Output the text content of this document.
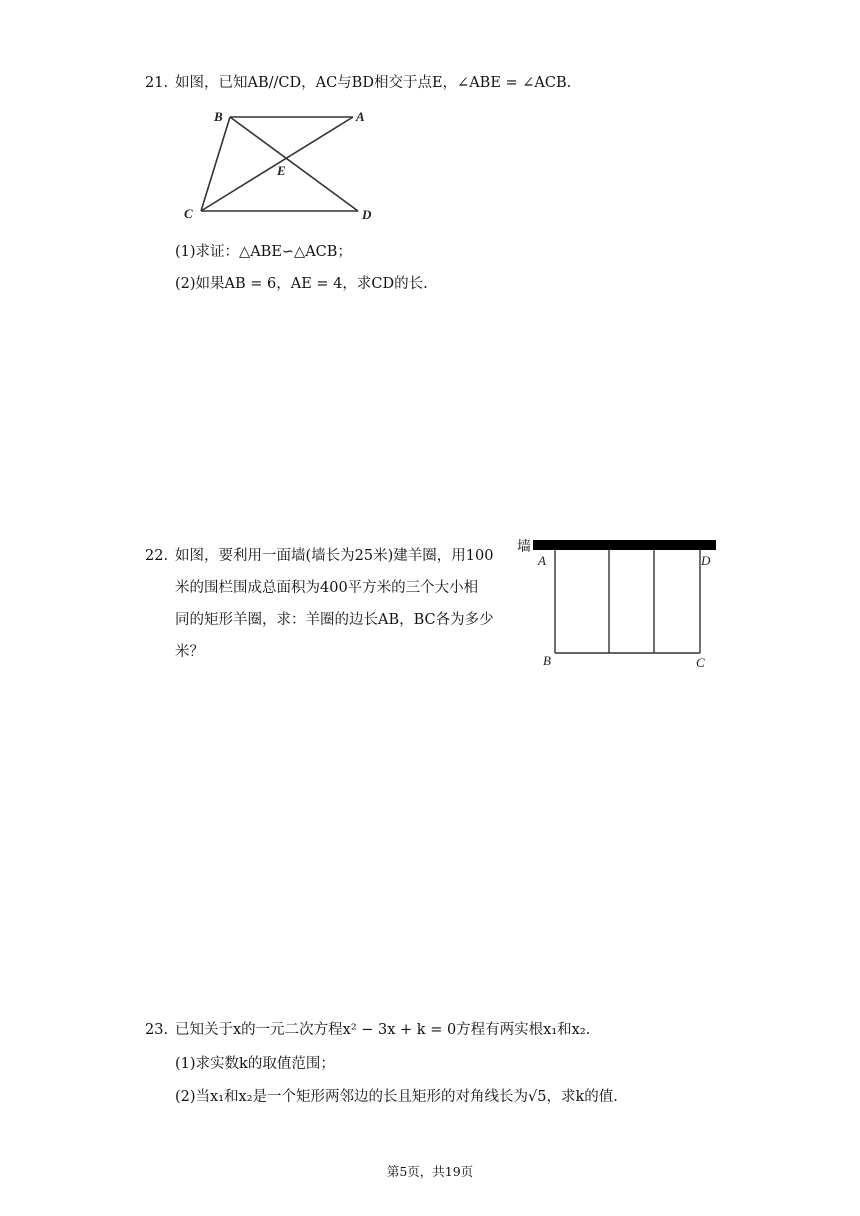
21. 如图，已知AB//CD，AC与BD相交于点E，∠ABE = ∠ACB.
B	A
E
C	D
(1)求证：△ABE∽△ACB；
(2)如果AB = 6，AE = 4，求CD的长.
22. 如图，要利用一面墙(墙长为25米)建羊圈，用100
米的围栏围成总面积为400平方米的三个大小相
同的矩形羊圈，求：羊圈的边长AB，BC各为多少
米？
墙
A	D
B	C
23. 已知关于x的一元二次方程x² − 3x + k = 0方程有两实根x₁和x₂.
(1)求实数k的取值范围；
(2)当x₁和x₂是一个矩形两邻边的长且矩形的对角线长为√5，求k的值.
第5页，共19页
